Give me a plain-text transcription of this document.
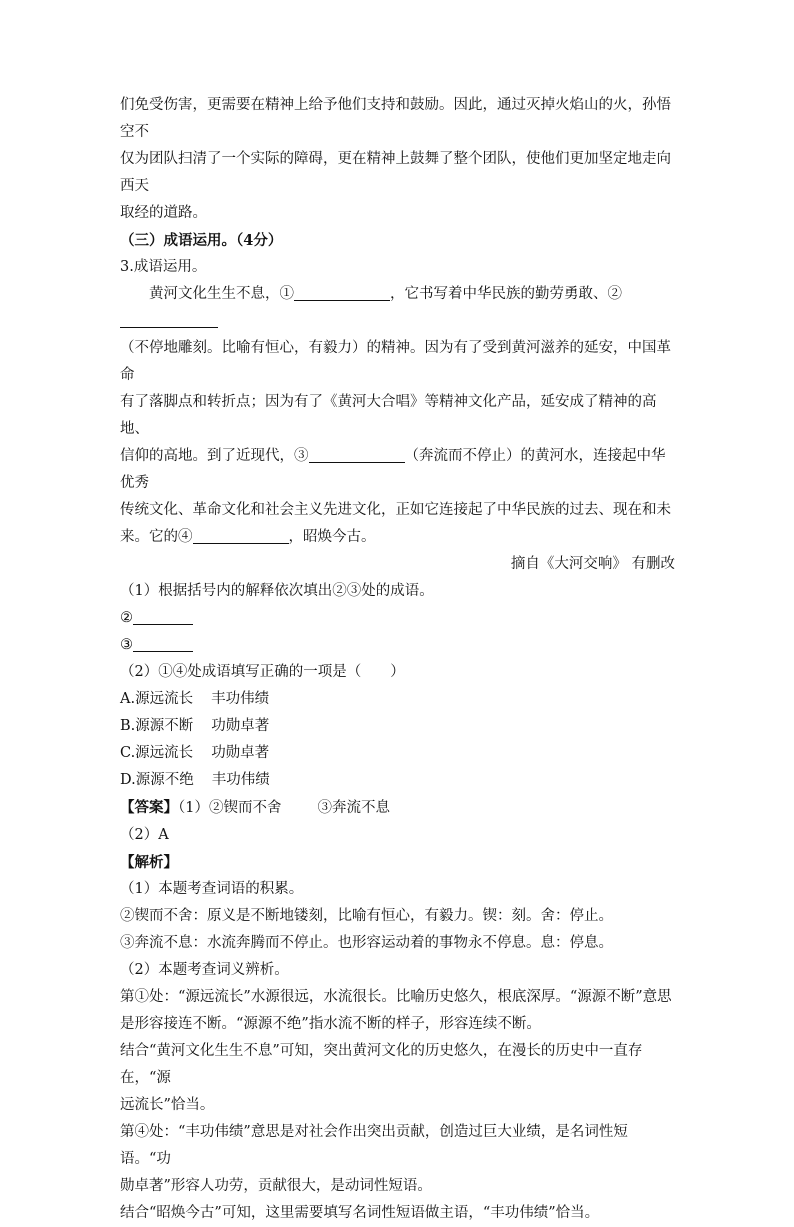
们免受伤害，更需要在精神上给予他们支持和鼓励。因此，通过灭掉火焰山的火，孙悟空不

仅为团队扫清了一个实际的障碍，更在精神上鼓舞了整个团队，使他们更加坚定地走向西天

取经的道路。

（三）成语运用。（4分）

3.成语运用。

黄河文化生生不息，①	，它书写着中华民族的勤劳勇敢、②

（不停地雕刻。比喻有恒心，有毅力）的精神。因为有了受到黄河滋养的延安，中国革命

有了落脚点和转折点；因为有了《黄河大合唱》等精神文化产品，延安成了精神的高地、

信仰的高地。到了近现代，③	（奔流而不停止）的黄河水，连接起中华优秀

传统文化、革命文化和社会主义先进文化，正如它连接起了中华民族的过去、现在和未

来。它的④	，昭焕今古。

摘自《大河交响》 有删改

（1）根据括号内的解释依次填出②③处的成语。

②

③

（2）①④处成语填写正确的一项是（　　）

A.源远流长 丰功伟绩

B.源源不断 功勋卓著

C.源远流长 功勋卓著

D.源源不绝 丰功伟绩

【答案】（1）②锲而不舍 ③奔流不息

（2）A

【解析】

（1）本题考查词语的积累。

②锲而不舍：原义是不断地镂刻，比喻有恒心，有毅力。锲：刻。舍：停止。

③奔流不息：水流奔腾而不停止。也形容运动着的事物永不停息。息：停息。

（2）本题考查词义辨析。

第①处：“源远流长”水源很远，水流很长。比喻历史悠久，根底深厚。“源源不断”意思

是形容接连不断。“源源不绝”指水流不断的样子，形容连续不断。

结合“黄河文化生生不息”可知，突出黄河文化的历史悠久，在漫长的历史中一直存在，“源

远流长”恰当。

第④处：“丰功伟绩”意思是对社会作出突出贡献，创造过巨大业绩，是名词性短语。“功

勋卓著”形容人功劳，贡献很大，是动词性短语。

结合“昭焕今古”可知，这里需要填写名词性短语做主语，“丰功伟绩”恰当。
